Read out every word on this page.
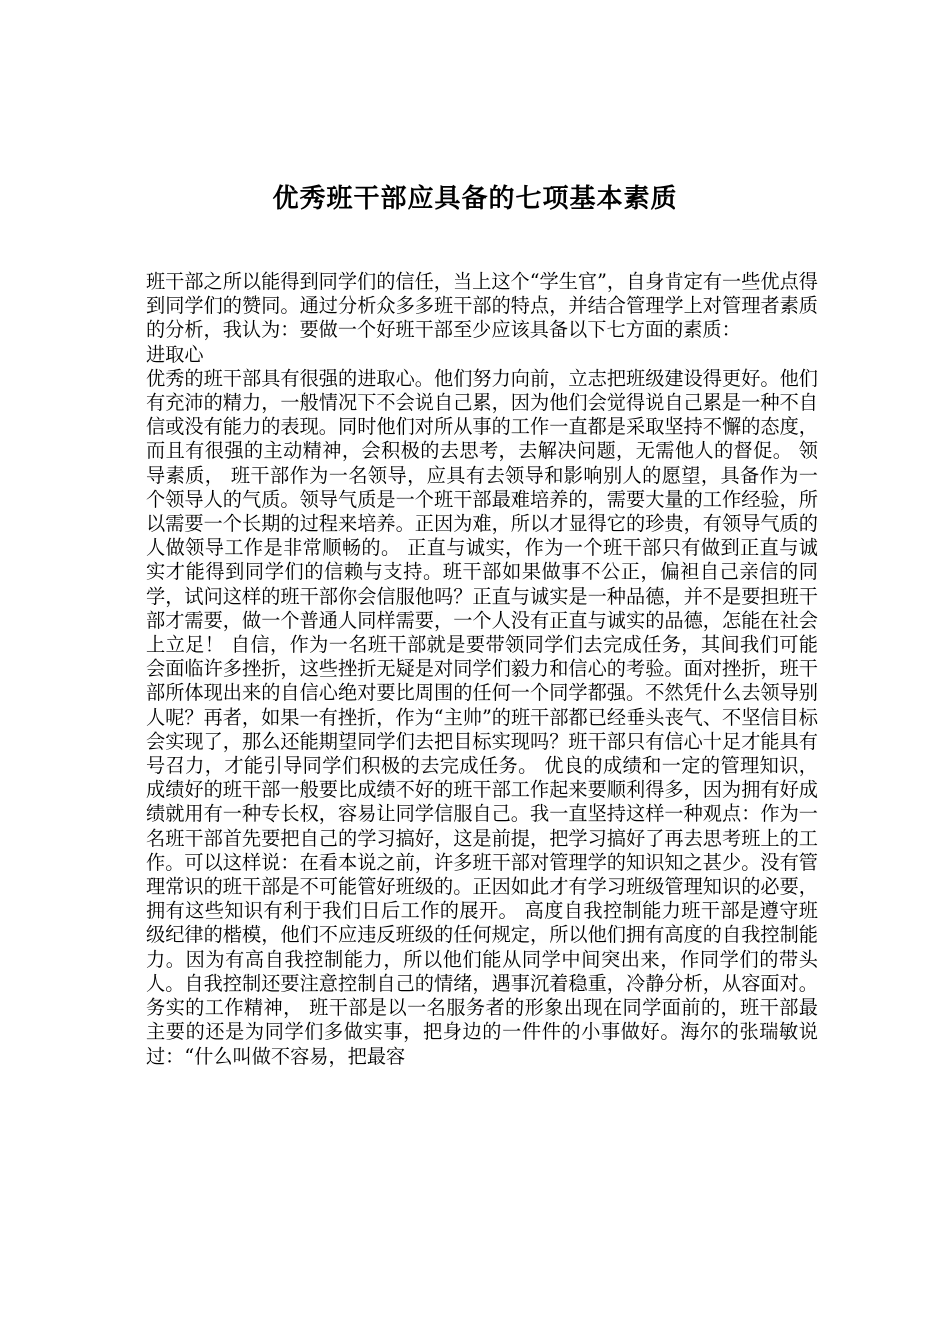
优秀班干部应具备的七项基本素质

班干部之所以能得到同学们的信任，当上这个“学生官”，自身肯定有一些优点得到同学们的赞同。通过分析众多多班干部的特点，并结合管理学上对管理者素质的分析，我认为：要做一个好班干部至少应该具备以下七方面的素质：

进取心

优秀的班干部具有很强的进取心。他们努力向前，立志把班级建设得更好。他们有充沛的精力，一般情况下不会说自己累，因为他们会觉得说自己累是一种不自信或没有能力的表现。同时他们对所从事的工作一直都是采取坚持不懈的态度，而且有很强的主动精神，会积极的去思考，去解决问题，无需他人的督促。 领导素质， 班干部作为一名领导，应具有去领导和影响别人的愿望，具备作为一个领导人的气质。领导气质是一个班干部最难培养的，需要大量的工作经验，所以需要一个长期的过程来培养。正因为难，所以才显得它的珍贵，有领导气质的人做领导工作是非常顺畅的。 正直与诚实，作为一个班干部只有做到正直与诚实才能得到同学们的信赖与支持。班干部如果做事不公正，偏袒自己亲信的同学，试问这样的班干部你会信服他吗？正直与诚实是一种品德，并不是要担班干部才需要，做一个普通人同样需要，一个人没有正直与诚实的品德，怎能在社会上立足！ 自信，作为一名班干部就是要带领同学们去完成任务，其间我们可能会面临许多挫折，这些挫折无疑是对同学们毅力和信心的考验。面对挫折，班干部所体现出来的自信心绝对要比周围的任何一个同学都强。不然凭什么去领导别人呢？再者，如果一有挫折，作为“主帅”的班干部都已经垂头丧气、不坚信目标会实现了，那么还能期望同学们去把目标实现吗？班干部只有信心十足才能具有号召力，才能引导同学们积极的去完成任务。 优良的成绩和一定的管理知识， 成绩好的班干部一般要比成绩不好的班干部工作起来要顺利得多，因为拥有好成绩就用有一种专长权，容易让同学信服自己。我一直坚持这样一种观点：作为一名班干部首先要把自己的学习搞好，这是前提，把学习搞好了再去思考班上的工作。可以这样说：在看本说之前，许多班干部对管理学的知识知之甚少。没有管理常识的班干部是不可能管好班级的。正因如此才有学习班级管理知识的必要，拥有这些知识有利于我们日后工作的展开。 高度自我控制能力班干部是遵守班级纪律的楷模，他们不应违反班级的任何规定，所以他们拥有高度的自我控制能力。因为有高自我控制能力，所以他们能从同学中间突出来，作同学们的带头人。自我控制还要注意控制自己的情绪，遇事沉着稳重，冷静分析，从容面对。 务实的工作精神， 班干部是以一名服务者的形象出现在同学面前的，班干部最主要的还是为同学们多做实事，把身边的一件件的小事做好。海尔的张瑞敏说过：“什么叫做不容易，把最容
